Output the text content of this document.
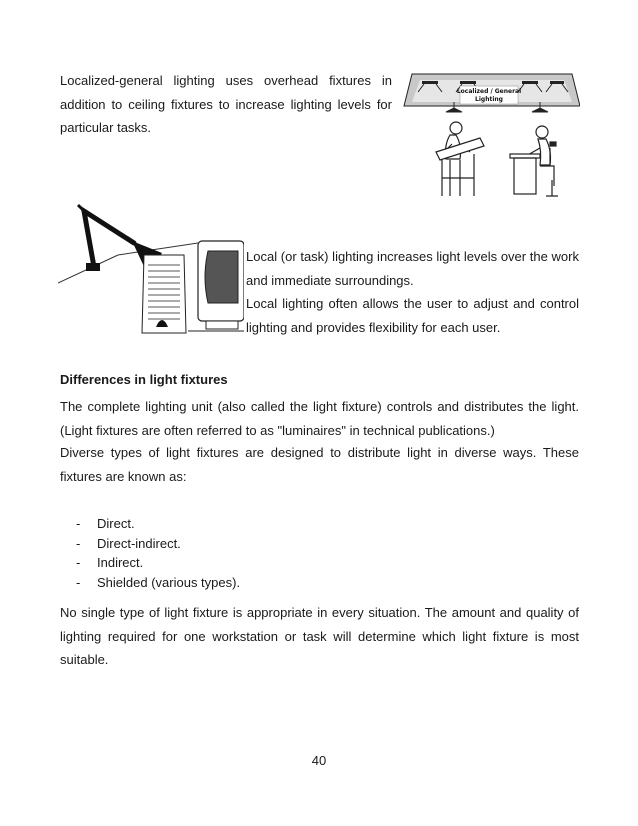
Localized-general lighting uses overhead fixtures in addition to ceiling fixtures to increase lighting levels for particular tasks.

Localized / General
Lighting

Local (or task) lighting increases light levels over the work and immediate surroundings.

Local lighting often allows the user to adjust and control lighting and provides flexibility for each user.

Differences in light fixtures

The complete lighting unit (also called the light fixture) controls and distributes the light. (Light fixtures are often referred to as "luminaires" in technical publications.)

Diverse types of light fixtures are designed to distribute light in diverse ways. These fixtures are known as:

- Direct.
- Direct-indirect.
- Indirect.
- Shielded (various types).

No single type of light fixture is appropriate in every situation. The amount and quality of lighting required for one workstation or task will determine which light fixture is most suitable.

40
